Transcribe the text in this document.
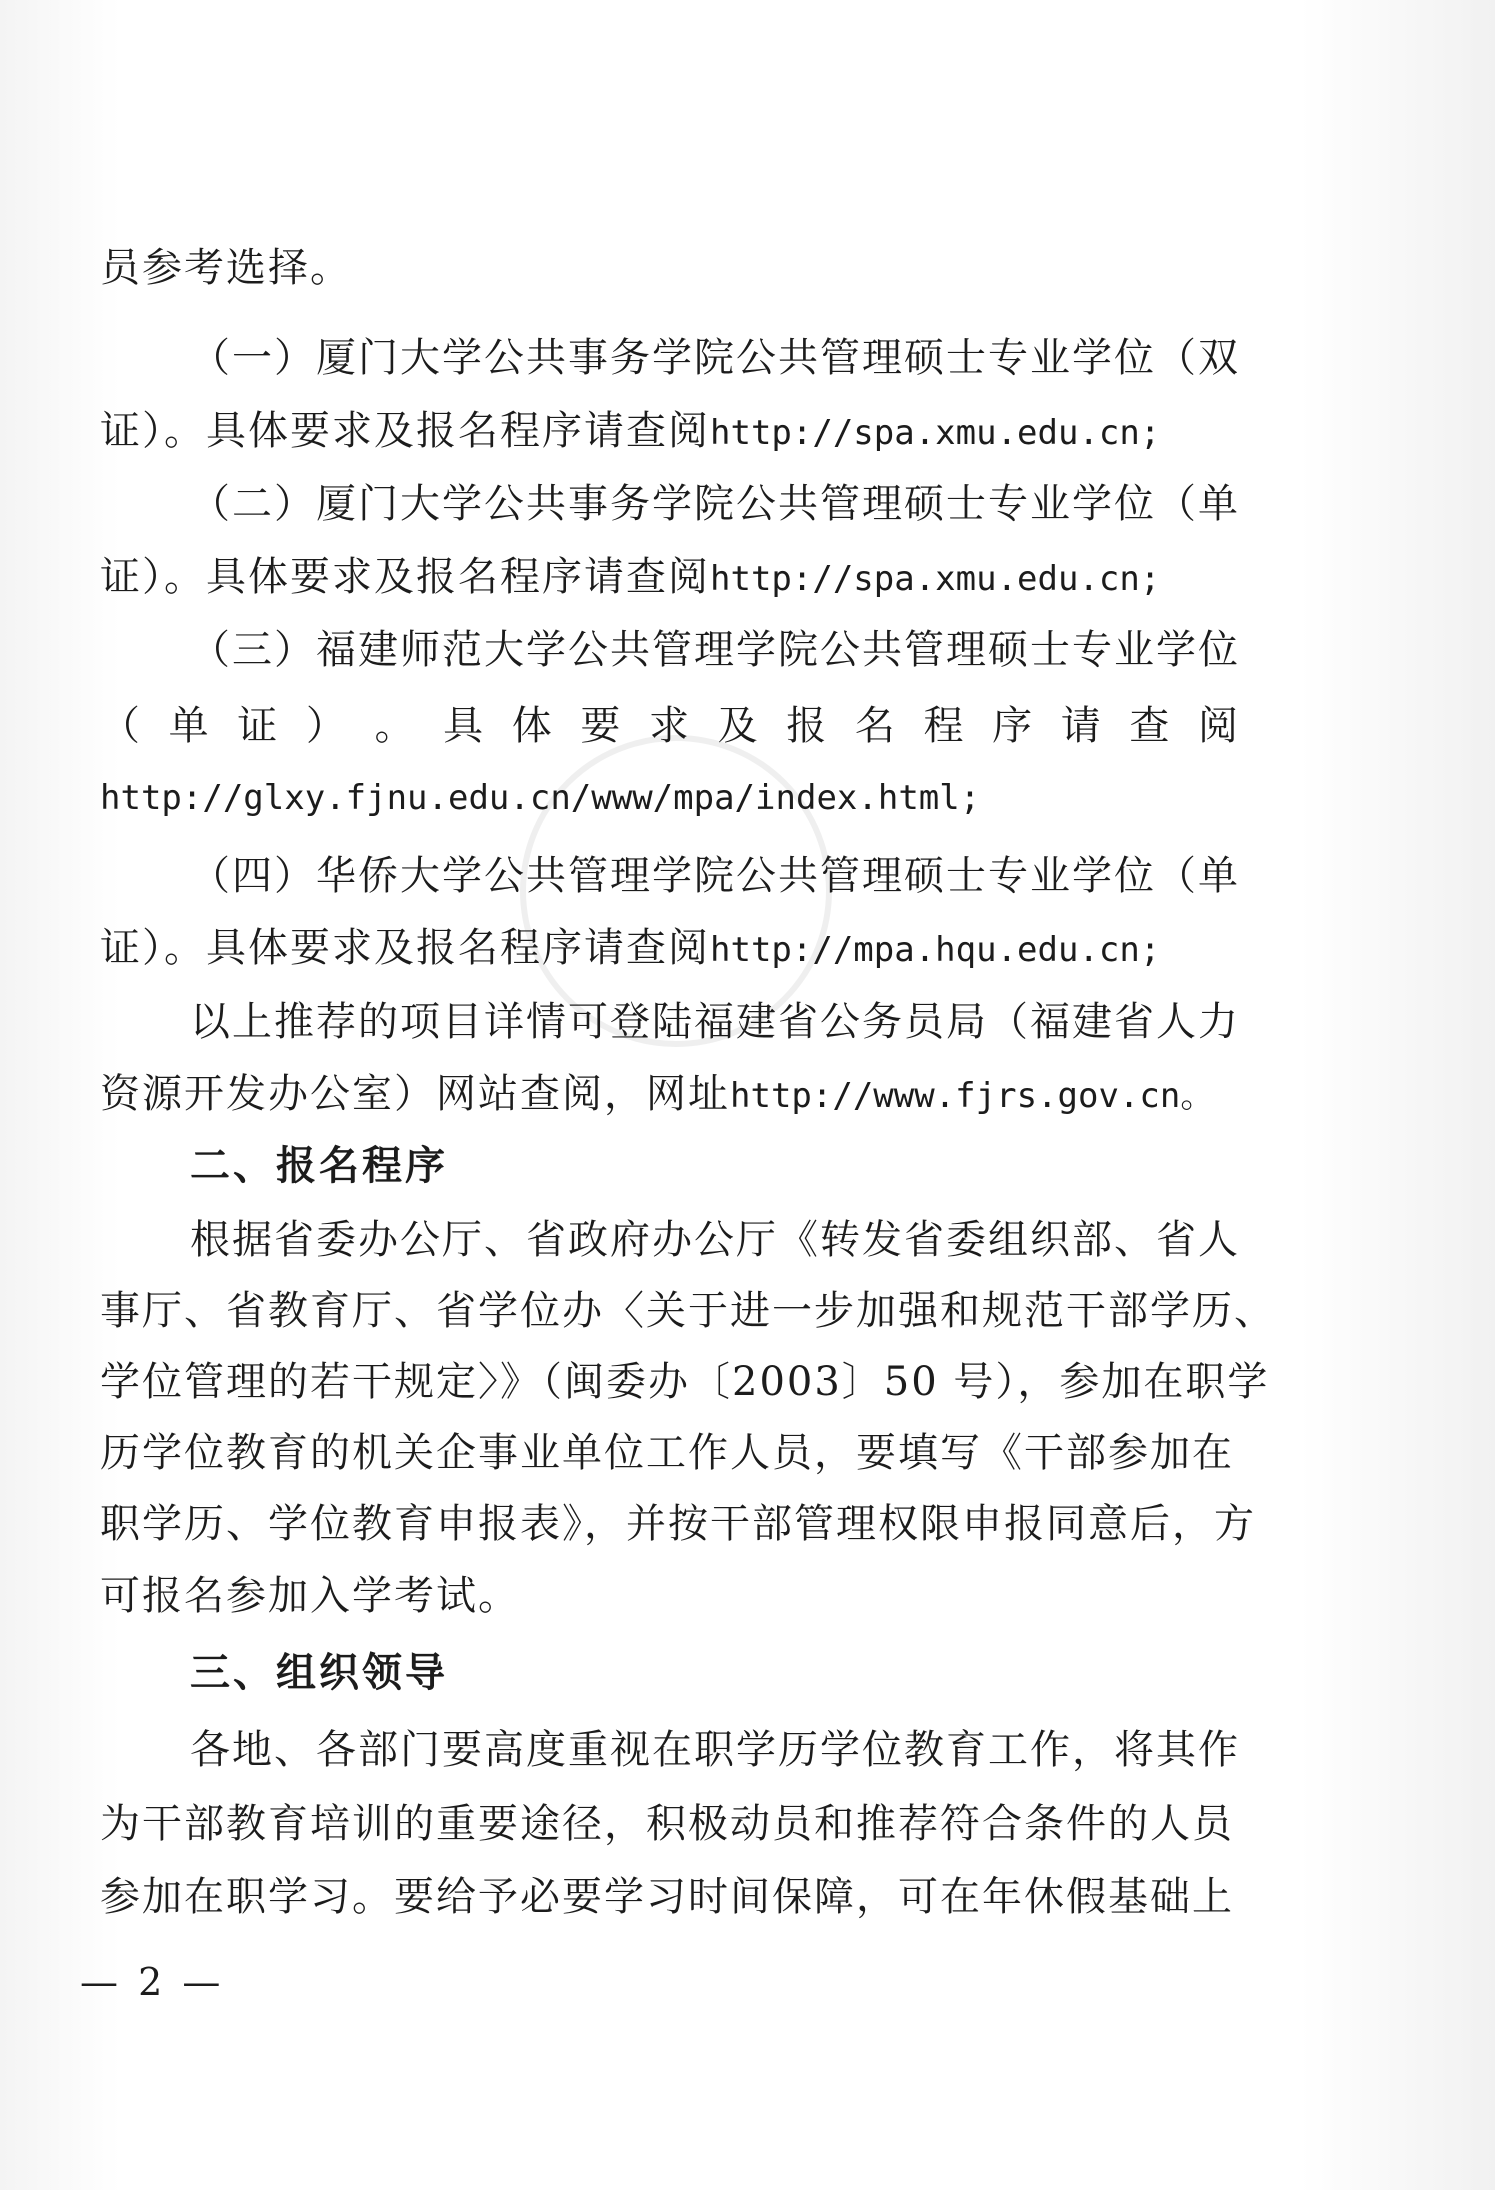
员参考选择。
（一）厦门大学公共事务学院公共管理硕士专业学位（双
证）。具体要求及报名程序请查阅http://spa.xmu.edu.cn;
（二）厦门大学公共事务学院公共管理硕士专业学位（单
证）。具体要求及报名程序请查阅http://spa.xmu.edu.cn;
（三）福建师范大学公共管理学院公共管理硕士专业学位
（ 单 证 ） 。 具 体 要 求 及 报 名 程 序 请 查 阅
http://glxy.fjnu.edu.cn/www/mpa/index.html;
（四）华侨大学公共管理学院公共管理硕士专业学位（单
证）。具体要求及报名程序请查阅http://mpa.hqu.edu.cn;
以上推荐的项目详情可登陆福建省公务员局（福建省人力
资源开发办公室）网站查阅，网址http://www.fjrs.gov.cn。
二、报名程序
根据省委办公厅、省政府办公厅《转发省委组织部、省人
事厅、省教育厅、省学位办〈关于进一步加强和规范干部学历、
学位管理的若干规定〉》（闽委办〔2003〕50 号），参加在职学
历学位教育的机关企事业单位工作人员，要填写《干部参加在
职学历、学位教育申报表》，并按干部管理权限申报同意后，方
可报名参加入学考试。
三、组织领导
各地、各部门要高度重视在职学历学位教育工作，将其作
为干部教育培训的重要途径，积极动员和推荐符合条件的人员
参加在职学习。要给予必要学习时间保障，可在年休假基础上
— 2 —
